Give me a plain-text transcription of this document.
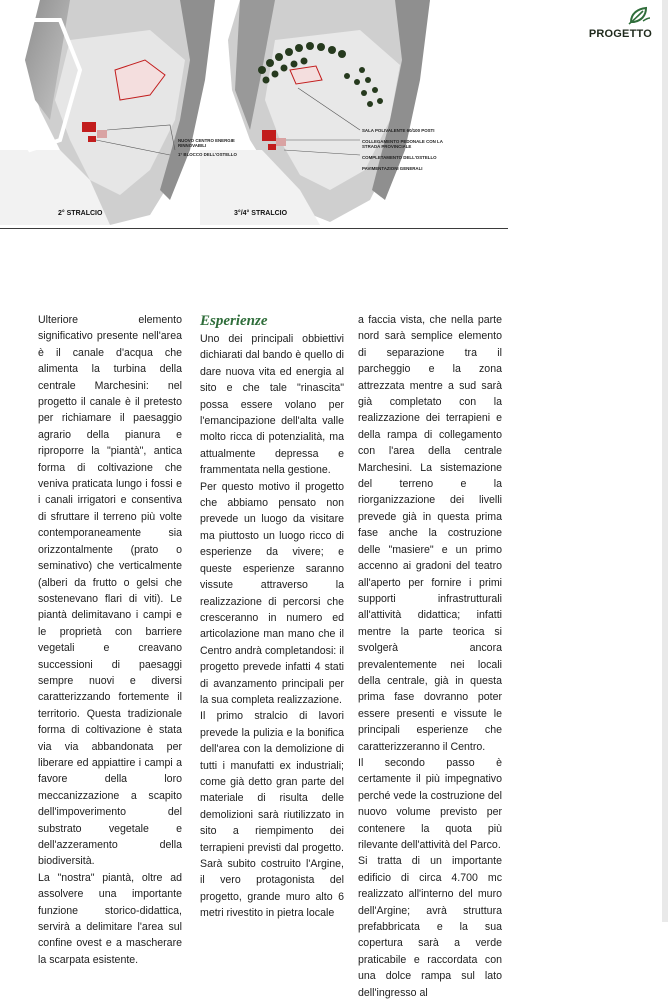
PROGETTO
NUOVO CENTRO ENERGIE RINNOVABILI
1° BLOCCO DELL'OSTELLO
2° STRALCIO
SALA POLIVALENTE 60/100 POSTI
COLLEGAMENTO PEDONALE CON LA STRADA PROVINCIALE
COMPLETAMENTO DELL'OSTELLO
PAVIMENTAZIONI GENERALI
3°/4° STRALCIO

Ulteriore elemento significativo presente nell'area è il canale d'acqua che alimenta la turbina della centrale Marchesini: nel progetto il canale è il pretesto per richiamare il paesaggio agrario della pianura e riproporre la "piantà", antica forma di coltivazione che veniva praticata lungo i fossi e i canali irrigatori e consentiva di sfruttare il terreno più volte contemporaneamente sia orizzontalmente (prato o seminativo) che verticalmente (alberi da frutto o gelsi che sostenevano flari di viti). Le piantà delimitavano i campi e le proprietà con barriere vegetali e creavano successioni di paesaggi sempre nuovi e diversi caratterizzando fortemente il territorio. Questa tradizionale forma di coltivazione è stata via via abbandonata per liberare ed appiattire i campi a favore della loro meccanizzazione a scapito dell'impoverimento del substrato vegetale e dell'azzeramento della biodiversità.

La "nostra" piantà, oltre ad assolvere una importante funzione storico-didattica, servirà a delimitare l'area sul confine ovest e a mascherare la scarpata esistente.

Esperienze

Uno dei principali obbiettivi dichiarati dal bando è quello di dare nuova vita ed energia al sito e che tale "rinascita" possa essere volano per l'emancipazione dell'alta valle molto ricca di potenzialità, ma attualmente depressa e frammentata nella gestione.

Per questo motivo il progetto che abbiamo pensato non prevede un luogo da visitare ma piuttosto un luogo ricco di esperienze da vivere; e queste esperienze saranno vissute attraverso la realizzazione di percorsi che cresceranno in numero ed articolazione man mano che il Centro andrà completandosi: il progetto prevede infatti 4 stati di avanzamento principali per la sua completa realizzazione.

Il primo stralcio di lavori prevede la pulizia e la bonifica dell'area con la demolizione di tutti i manufatti ex industriali; come già detto gran parte del materiale di risulta delle demolizioni sarà riutilizzato in sito a riempimento dei terrapieni previsti dal progetto. Sarà subito costruito l'Argine, il vero protagonista del progetto, grande muro alto 6 metri rivestito in pietra locale

a faccia vista, che nella parte nord sarà semplice elemento di separazione tra il parcheggio e la zona attrezzata mentre a sud sarà già completato con la realizzazione dei terrapieni e della rampa di collegamento con l'area della centrale Marchesini. La sistemazione del terreno e la riorganizzazione dei livelli prevede già in questa prima fase anche la costruzione delle "masiere" e un primo accenno ai gradoni del teatro all'aperto per fornire i primi supporti infrastrutturali all'attività didattica; infatti mentre la parte teorica si svolgerà ancora prevalentemente nei locali della centrale, già in questa prima fase dovranno poter essere presenti e vissute le principali esperienze che caratterizzeranno il Centro.

Il secondo passo è certamente il più impegnativo perché vede la costruzione del nuovo volume previsto per contenere la quota più rilevante dell'attività del Parco.

Si tratta di un importante edificio di circa 4.700 mc realizzato all'interno del muro dell'Argine; avrà struttura prefabbricata e la sua copertura sarà a verde praticabile e raccordata con una dolce rampa sul lato dell'ingresso al
